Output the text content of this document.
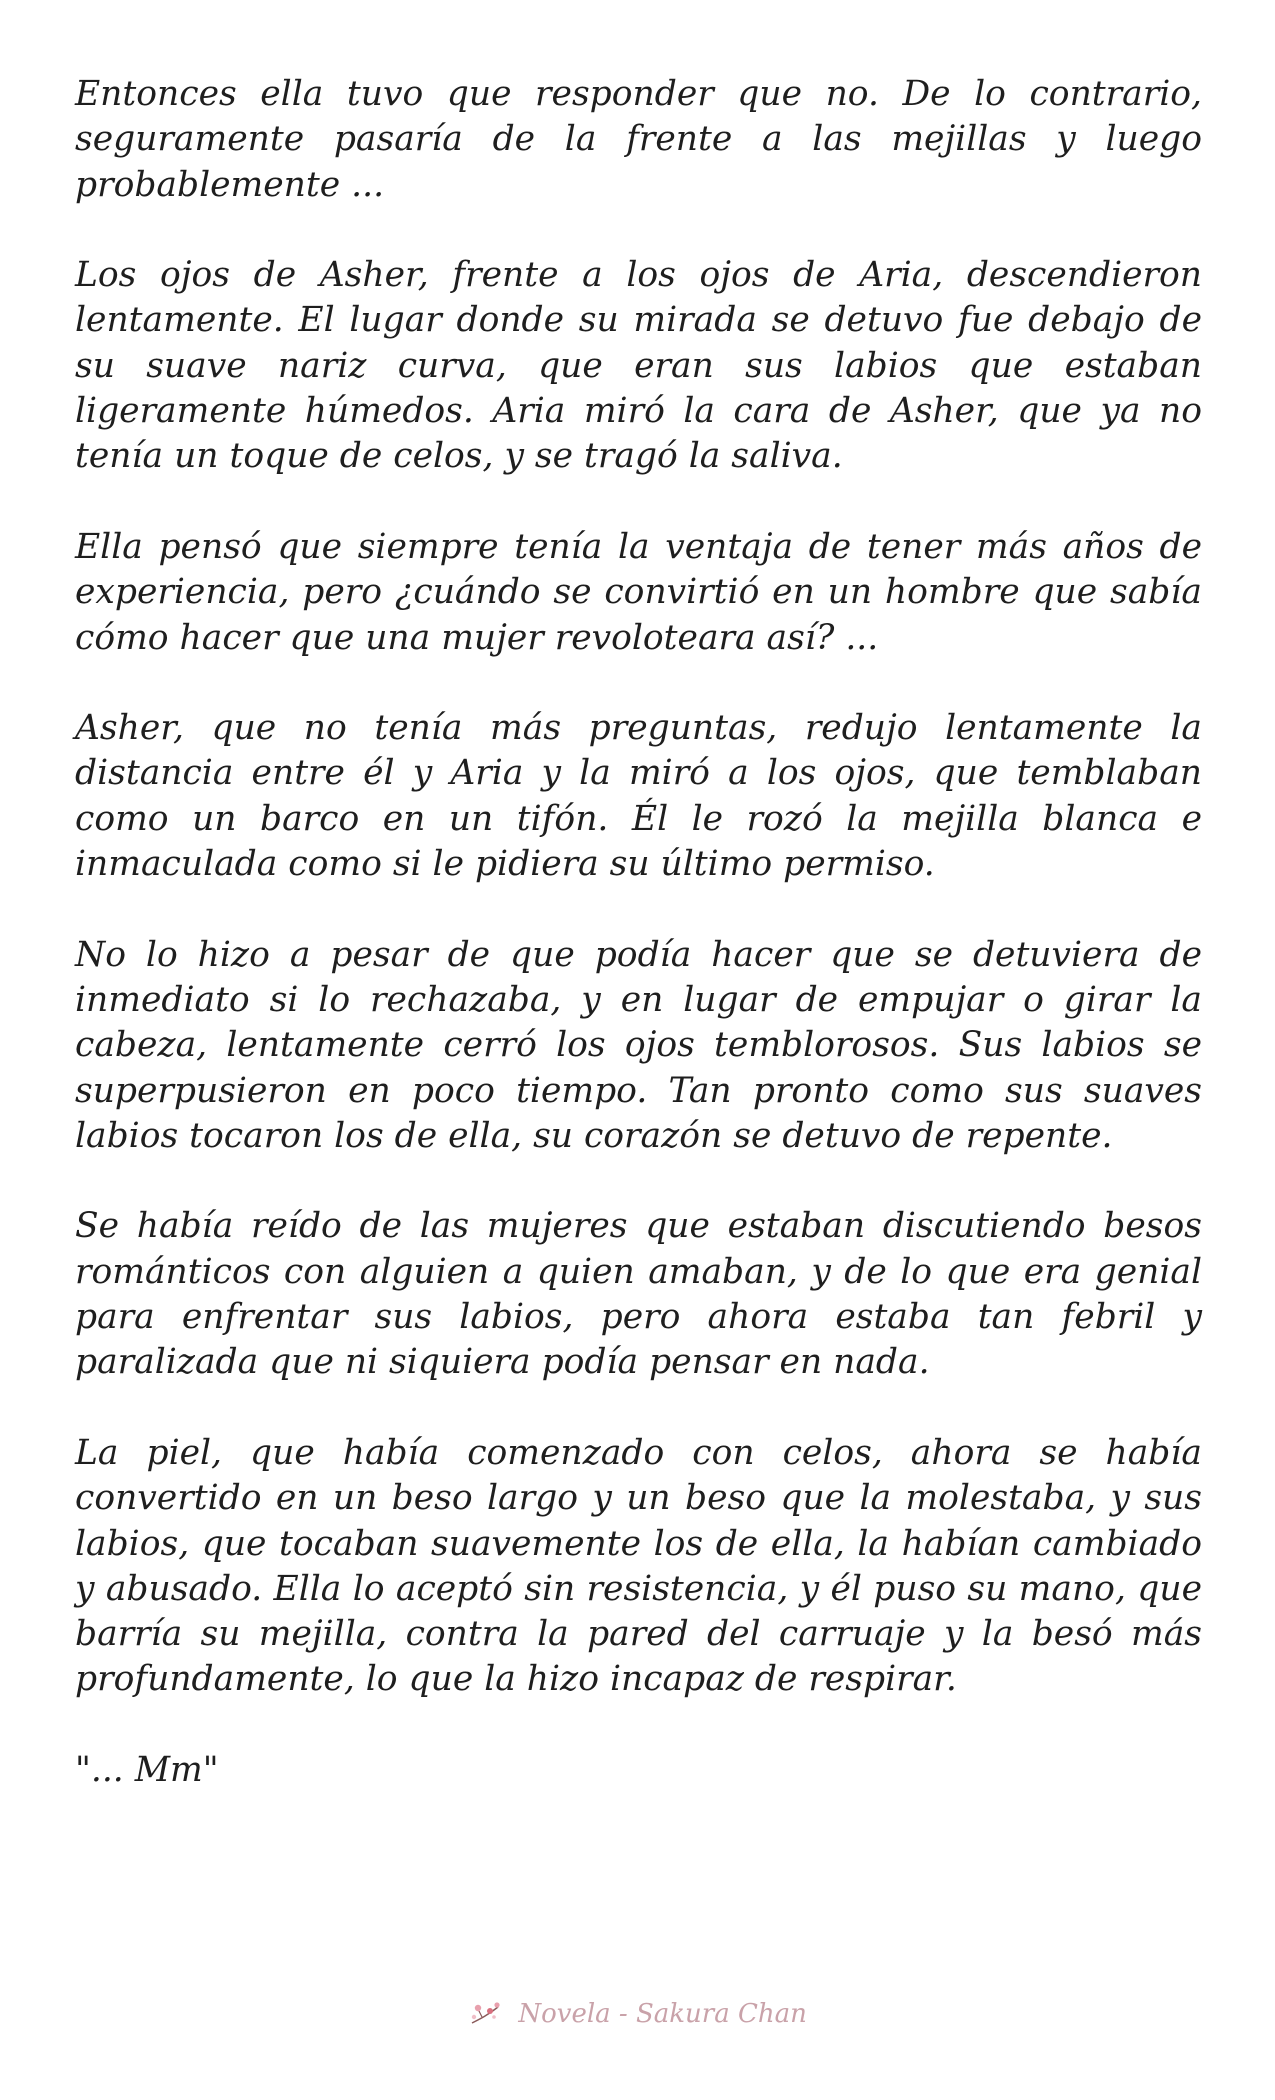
Entonces ella tuvo que responder que no. De lo contrario, seguramente pasaría de la frente a las mejillas y luego probablemente ...

Los ojos de Asher, frente a los ojos de Aria, descendieron lentamente. El lugar donde su mirada se detuvo fue debajo de su suave nariz curva, que eran sus labios que estaban ligeramente húmedos. Aria miró la cara de Asher, que ya no tenía un toque de celos, y se tragó la saliva.

Ella pensó que siempre tenía la ventaja de tener más años de experiencia, pero ¿cuándo se convirtió en un hombre que sabía cómo hacer que una mujer revoloteara así? ...

Asher, que no tenía más preguntas, redujo lentamente la distancia entre él y Aria y la miró a los ojos, que temblaban como un barco en un tifón. Él le rozó la mejilla blanca e inmaculada como si le pidiera su último permiso.

No lo hizo a pesar de que podía hacer que se detuviera de inmediato si lo rechazaba, y en lugar de empujar o girar la cabeza, lentamente cerró los ojos temblorosos. Sus labios se superpusieron en poco tiempo. Tan pronto como sus suaves labios tocaron los de ella, su corazón se detuvo de repente.

Se había reído de las mujeres que estaban discutiendo besos románticos con alguien a quien amaban, y de lo que era genial para enfrentar sus labios, pero ahora estaba tan febril y paralizada que ni siquiera podía pensar en nada.

La piel, que había comenzado con celos, ahora se había convertido en un beso largo y un beso que la molestaba, y sus labios, que tocaban suavemente los de ella, la habían cambiado y abusado. Ella lo aceptó sin resistencia, y él puso su mano, que barría su mejilla, contra la pared del carruaje y la besó más profundamente, lo que la hizo incapaz de respirar.

"... Mm"

Novela - Sakura Chan
